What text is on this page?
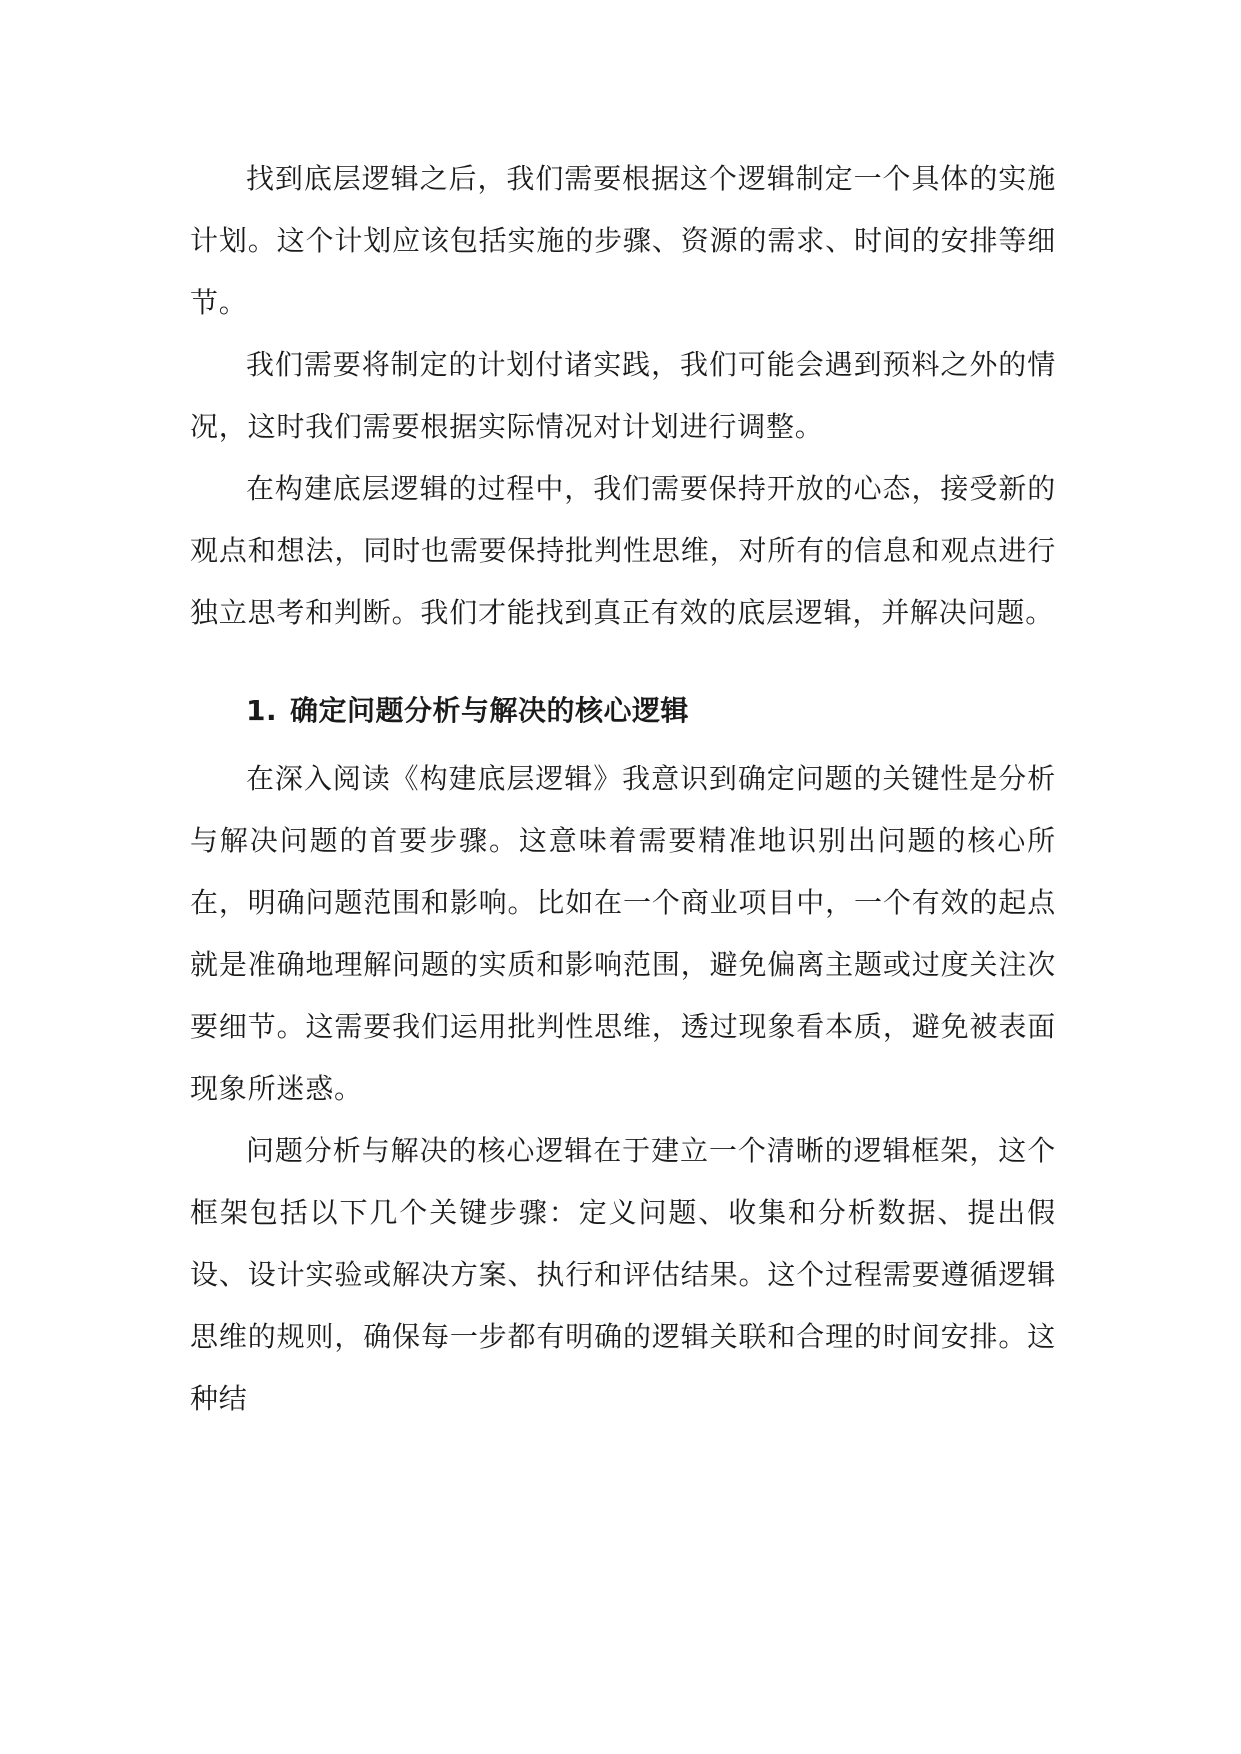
找到底层逻辑之后，我们需要根据这个逻辑制定一个具体的实施计划。这个计划应该包括实施的步骤、资源的需求、时间的安排等细节。

我们需要将制定的计划付诸实践，我们可能会遇到预料之外的情况，这时我们需要根据实际情况对计划进行调整。

在构建底层逻辑的过程中，我们需要保持开放的心态，接受新的观点和想法，同时也需要保持批判性思维，对所有的信息和观点进行独立思考和判断。我们才能找到真正有效的底层逻辑，并解决问题。

1. 确定问题分析与解决的核心逻辑

在深入阅读《构建底层逻辑》我意识到确定问题的关键性是分析与解决问题的首要步骤。这意味着需要精准地识别出问题的核心所在，明确问题范围和影响。比如在一个商业项目中，一个有效的起点就是准确地理解问题的实质和影响范围，避免偏离主题或过度关注次要细节。这需要我们运用批判性思维，透过现象看本质，避免被表面现象所迷惑。

问题分析与解决的核心逻辑在于建立一个清晰的逻辑框架，这个框架包括以下几个关键步骤：定义问题、收集和分析数据、提出假设、设计实验或解决方案、执行和评估结果。这个过程需要遵循逻辑思维的规则，确保每一步都有明确的逻辑关联和合理的时间安排。这种结
